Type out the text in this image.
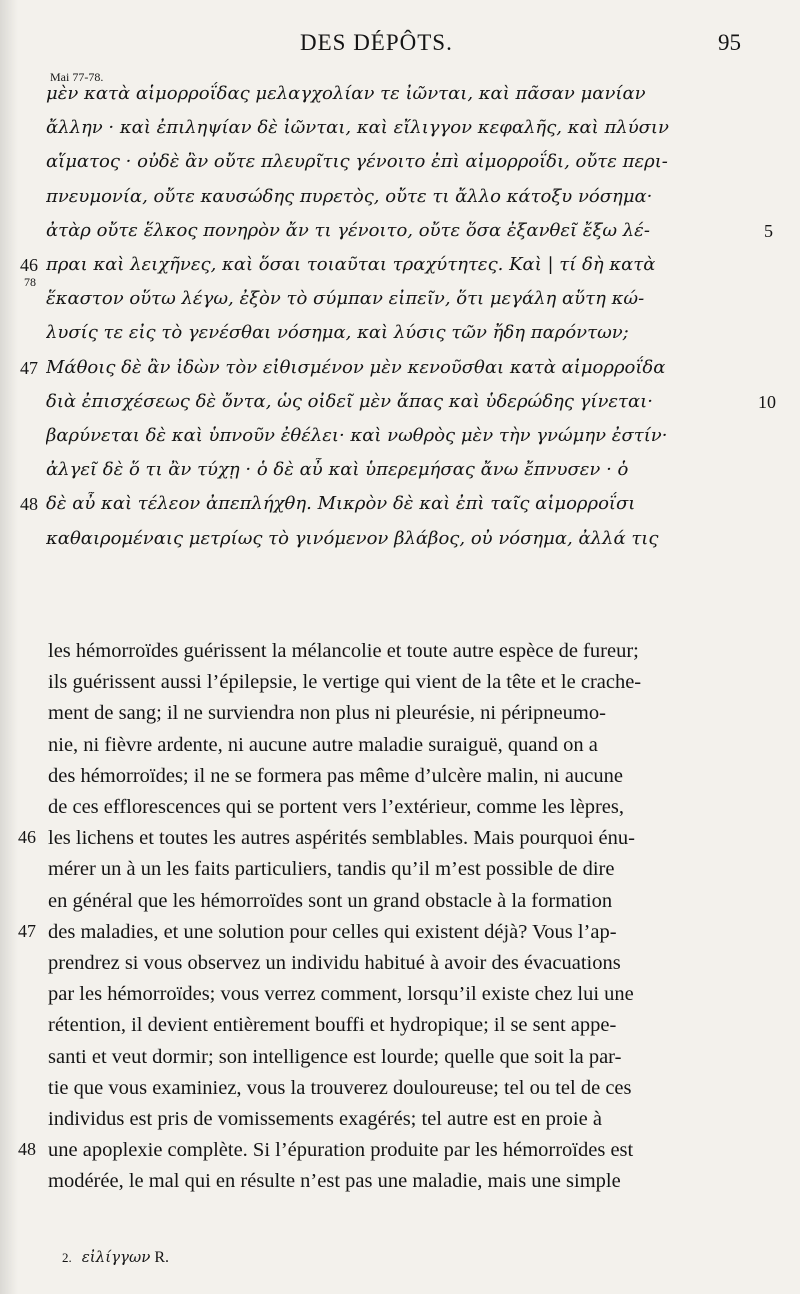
DES DÉPÔTS.	95
Mai 77-78.
μὲν κατὰ αἱμορροΐδας μελαγχολίαν τε ἰῶνται, καὶ πᾶσαν μανίαν
ἄλλην · καὶ ἐπιληψίαν δὲ ἰῶνται, καὶ εἴλιγγον κεφαλῆς, καὶ πλύσιν
αἵματος · οὐδὲ ἂν οὔτε πλευρῖτις γένοιτο ἐπὶ αἱμορροΐδι, οὔτε περι-
πνευμονία, οὔτε καυσώδης πυρετὸς, οὔτε τι ἄλλο κάτοξυ νόσημα·
ἀτὰρ οὔτε ἕλκος πονηρὸν ἄν τι γένοιτο, οὔτε ὅσα ἐξανθεῖ ἔξω λέ-
πραι καὶ λειχῆνες, καὶ ὅσαι τοιαῦται τραχύτητες. Καὶ | τί δὴ κατὰ
ἕκαστον οὕτω λέγω, ἐξὸν τὸ σύμπαν εἰπεῖν, ὅτι μεγάλη αὕτη κώ-
λυσίς τε εἰς τὸ γενέσθαι νόσημα, καὶ λύσις τῶν ἤδη παρόντων;
Μάθοις δὲ ἂν ἰδὼν τὸν εἰθισμένον μὲν κενοῦσθαι κατὰ αἱμορροΐδα
διὰ ἐπισχέσεως δὲ ὄντα, ὡς οἰδεῖ μὲν ἅπας καὶ ὑδερώδης γίνεται·
βαρύνεται δὲ καὶ ὑπνοῦν ἐθέλει· καὶ νωθρὸς μὲν τὴν γνώμην ἐστίν·
ἀλγεῖ δὲ ὅ τι ἂν τύχῃ · ὁ δὲ αὖ καὶ ὑπερεμήσας ἄνω ἔπνυσεν · ὁ
δὲ αὖ καὶ τέλεον ἀπεπλήχθη. Μικρὸν δὲ καὶ ἐπὶ ταῖς αἱμορροΐσι
καθαιρομέναις μετρίως τὸ γινόμενον βλάβος, οὐ νόσημα, ἀλλά τις
46
47
48
78
5
10
les hémorroïdes guérissent la mélancolie et toute autre espèce de fureur;
ils guérissent aussi l’épilepsie, le vertige qui vient de la tête et le crache-
ment de sang; il ne surviendra non plus ni pleurésie, ni péripneumo-
nie, ni fièvre ardente, ni aucune autre maladie suraiguë, quand on a
des hémorroïdes; il ne se formera pas même d’ulcère malin, ni aucune
de ces efflorescences qui se portent vers l’extérieur, comme les lèpres,
les lichens et toutes les autres aspérités semblables. Mais pourquoi énu-
mérer un à un les faits particuliers, tandis qu’il m’est possible de dire
en général que les hémorroïdes sont un grand obstacle à la formation
des maladies, et une solution pour celles qui existent déjà? Vous l’ap-
prendrez si vous observez un individu habitué à avoir des évacuations
par les hémorroïdes; vous verrez comment, lorsqu’il existe chez lui une
rétention, il devient entièrement bouffi et hydropique; il se sent appe-
santi et veut dormir; son intelligence est lourde; quelle que soit la par-
tie que vous examiniez, vous la trouverez douloureuse; tel ou tel de ces
individus est pris de vomissements exagérés; tel autre est en proie à
une apoplexie complète. Si l’épuration produite par les hémorroïdes est
modérée, le mal qui en résulte n’est pas une maladie, mais une simple
46
47
48
2. εἰλίγγων R.
